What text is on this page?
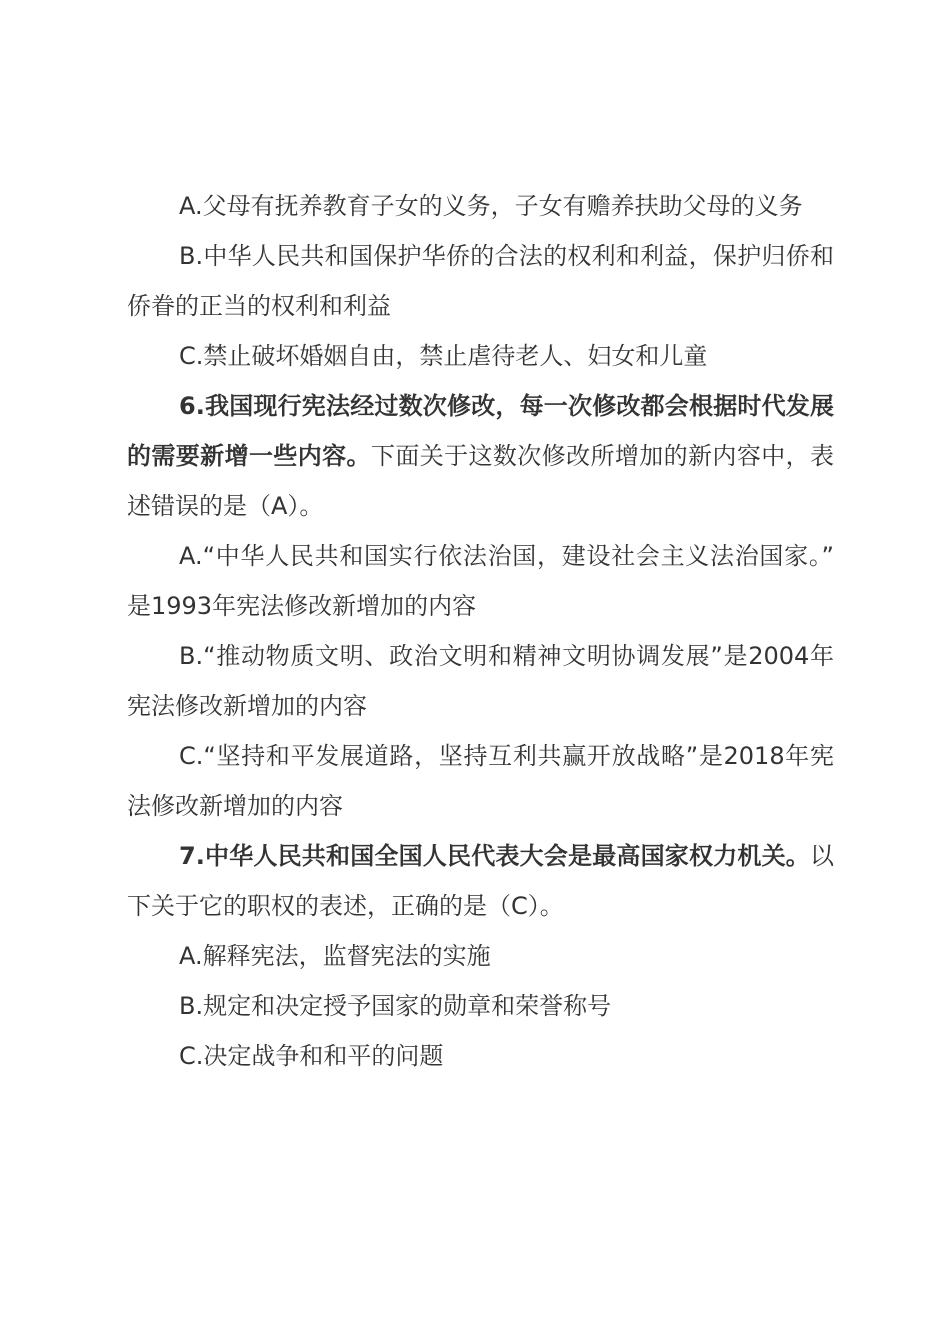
A.父母有抚养教育子女的义务，子女有赡养扶助父母的义务

B.中华人民共和国保护华侨的合法的权利和利益，保护归侨和侨眷的正当的权利和利益

C.禁止破坏婚姻自由，禁止虐待老人、妇女和儿童

6.我国现行宪法经过数次修改，每一次修改都会根据时代发展的需要新增一些内容。下面关于这数次修改所增加的新内容中，表述错误的是（A）。

A.“中华人民共和国实行依法治国，建设社会主义法治国家。”是1993年宪法修改新增加的内容

B.“推动物质文明、政治文明和精神文明协调发展”是2004年宪法修改新增加的内容

C.“坚持和平发展道路，坚持互利共赢开放战略”是2018年宪法修改新增加的内容

7.中华人民共和国全国人民代表大会是最高国家权力机关。以下关于它的职权的表述，正确的是（C）。

A.解释宪法，监督宪法的实施

B.规定和决定授予国家的勋章和荣誉称号

C.决定战争和和平的问题
